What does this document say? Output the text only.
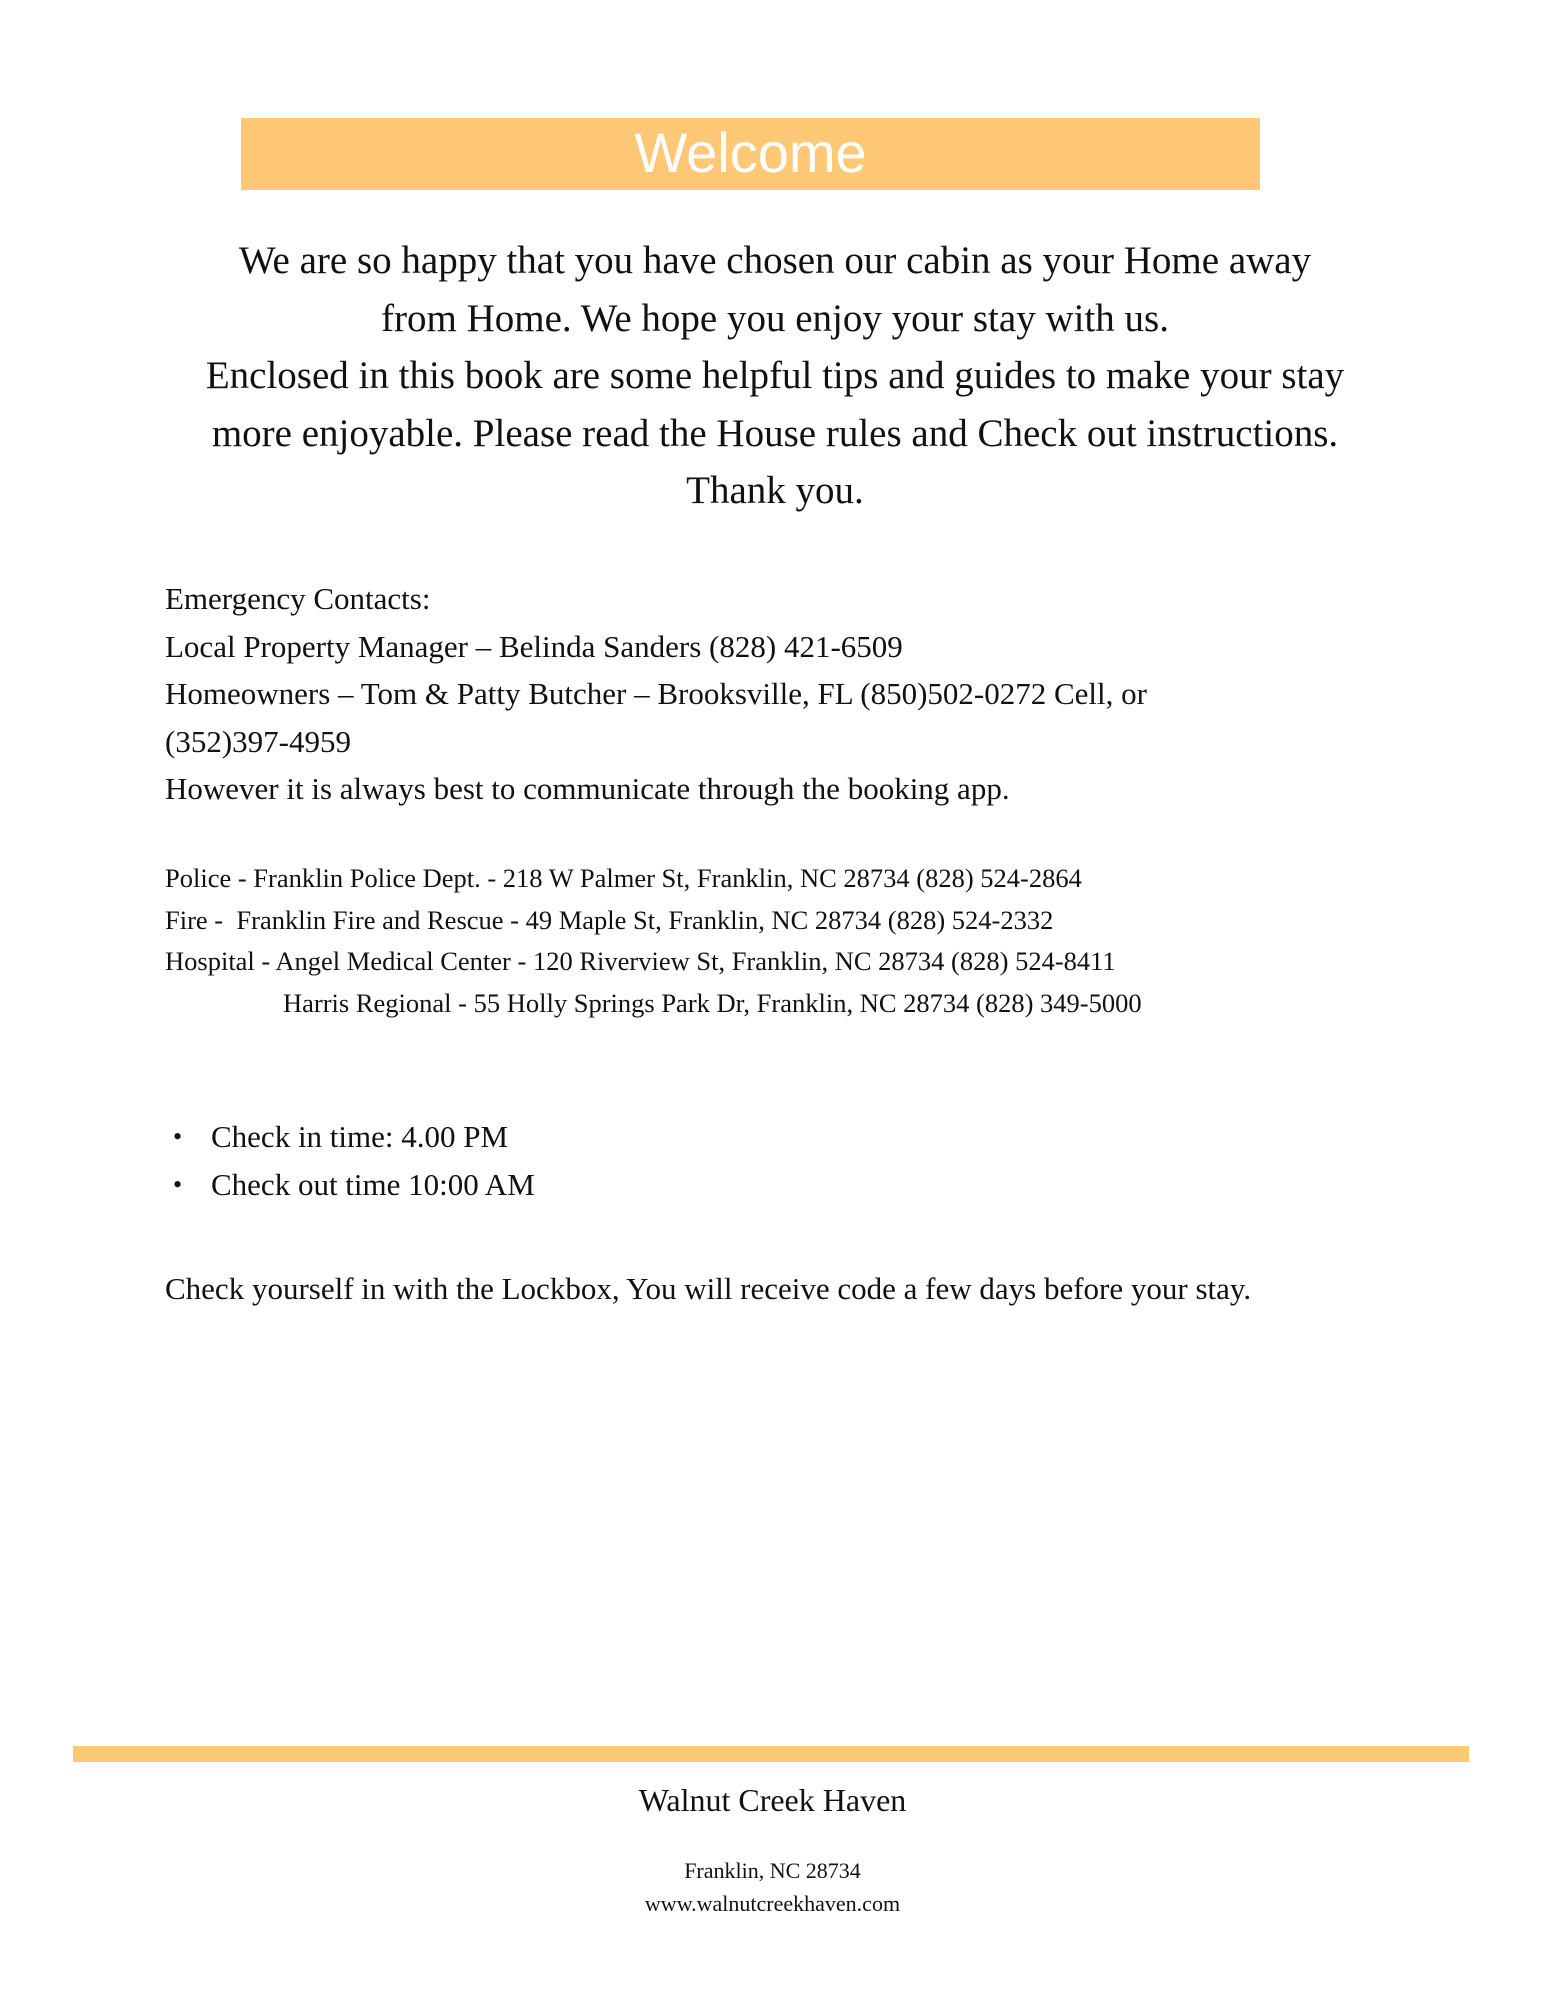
Welcome

We are so happy that you have chosen our cabin as your Home away

from Home. We hope you enjoy your stay with us.

Enclosed in this book are some helpful tips and guides to make your stay

more enjoyable. Please read the House rules and Check out instructions.

Thank you.

Emergency Contacts:

Local Property Manager – Belinda Sanders (828) 421-6509

Homeowners – Tom & Patty Butcher – Brooksville, FL (850)502-0272 Cell, or

(352)397-4959

However it is always best to communicate through the booking app.

Police - Franklin Police Dept. - 218 W Palmer St, Franklin, NC 28734 (828) 524-2864

Fire -  Franklin Fire and Rescue - 49 Maple St, Franklin, NC 28734 (828) 524-2332

Hospital - Angel Medical Center - 120 Riverview St, Franklin, NC 28734 (828) 524-8411

Harris Regional - 55 Holly Springs Park Dr, Franklin, NC 28734 (828) 349-5000

• Check in time: 4.00 PM
• Check out time 10:00 AM

Check yourself in with the Lockbox, You will receive code a few days before your stay.

Walnut Creek Haven
Franklin, NC 28734
www.walnutcreekhaven.com
